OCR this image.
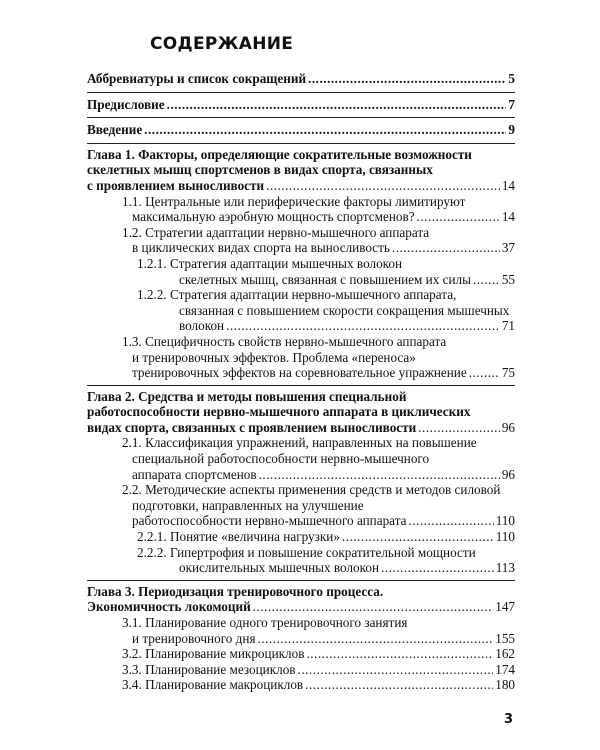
СОДЕРЖАНИЕ
Аббревиатуры и список сокращений .....	5
Предисловие .....	7
Введение .....	9
Глава 1. Факторы, определяющие сократительные возможности
скелетных мышц спортсменов в видах спорта, связанных
с проявлением выносливости .....	14
1.1. Центральные или периферические факторы лимитируют
максимальную аэробную мощность спортсменов? .....	14
1.2. Стратегии адаптации нервно-мышечного аппарата
в циклических видах спорта на выносливость .....	37
1.2.1. Стратегия адаптации мышечных волокон
скелетных мышц, связанная с повышением их силы ..... 55
1.2.2. Стратегия адаптации нервно-мышечного аппарата,
связанная с повышением скорости сокращения мышечных
волокон .....	71
1.3. Специфичность свойств нервно-мышечного аппарата
и тренировочных эффектов. Проблема «переноса»
тренировочных эффектов на соревновательное упражнение .....	75
Глава 2. Средства и методы повышения специальной
работоспособности нервно-мышечного аппарата в циклических
видах спорта, связанных с проявлением выносливости .....	96
2.1. Классификация упражнений, направленных на повышение
специальной работоспособности нервно-мышечного
аппарата спортсменов .....	96
2.2. Методические аспекты применения средств и методов силовой
подготовки, направленных на улучшение
работоспособности нервно-мышечного аппарата .....	110
2.2.1. Понятие «величина нагрузки» .....	110
2.2.2. Гипертрофия и повышение сократительной мощности
окислительных мышечных волокон .....	113
Глава 3. Периодизация тренировочного процесса.
Экономичность локомоций .....	147
3.1. Планирование одного тренировочного занятия
и тренировочного дня .....	155
3.2. Планирование микроциклов .....	162
3.3. Планирование мезоциклов .....	174
3.4. Планирование макроциклов .....	180
3
